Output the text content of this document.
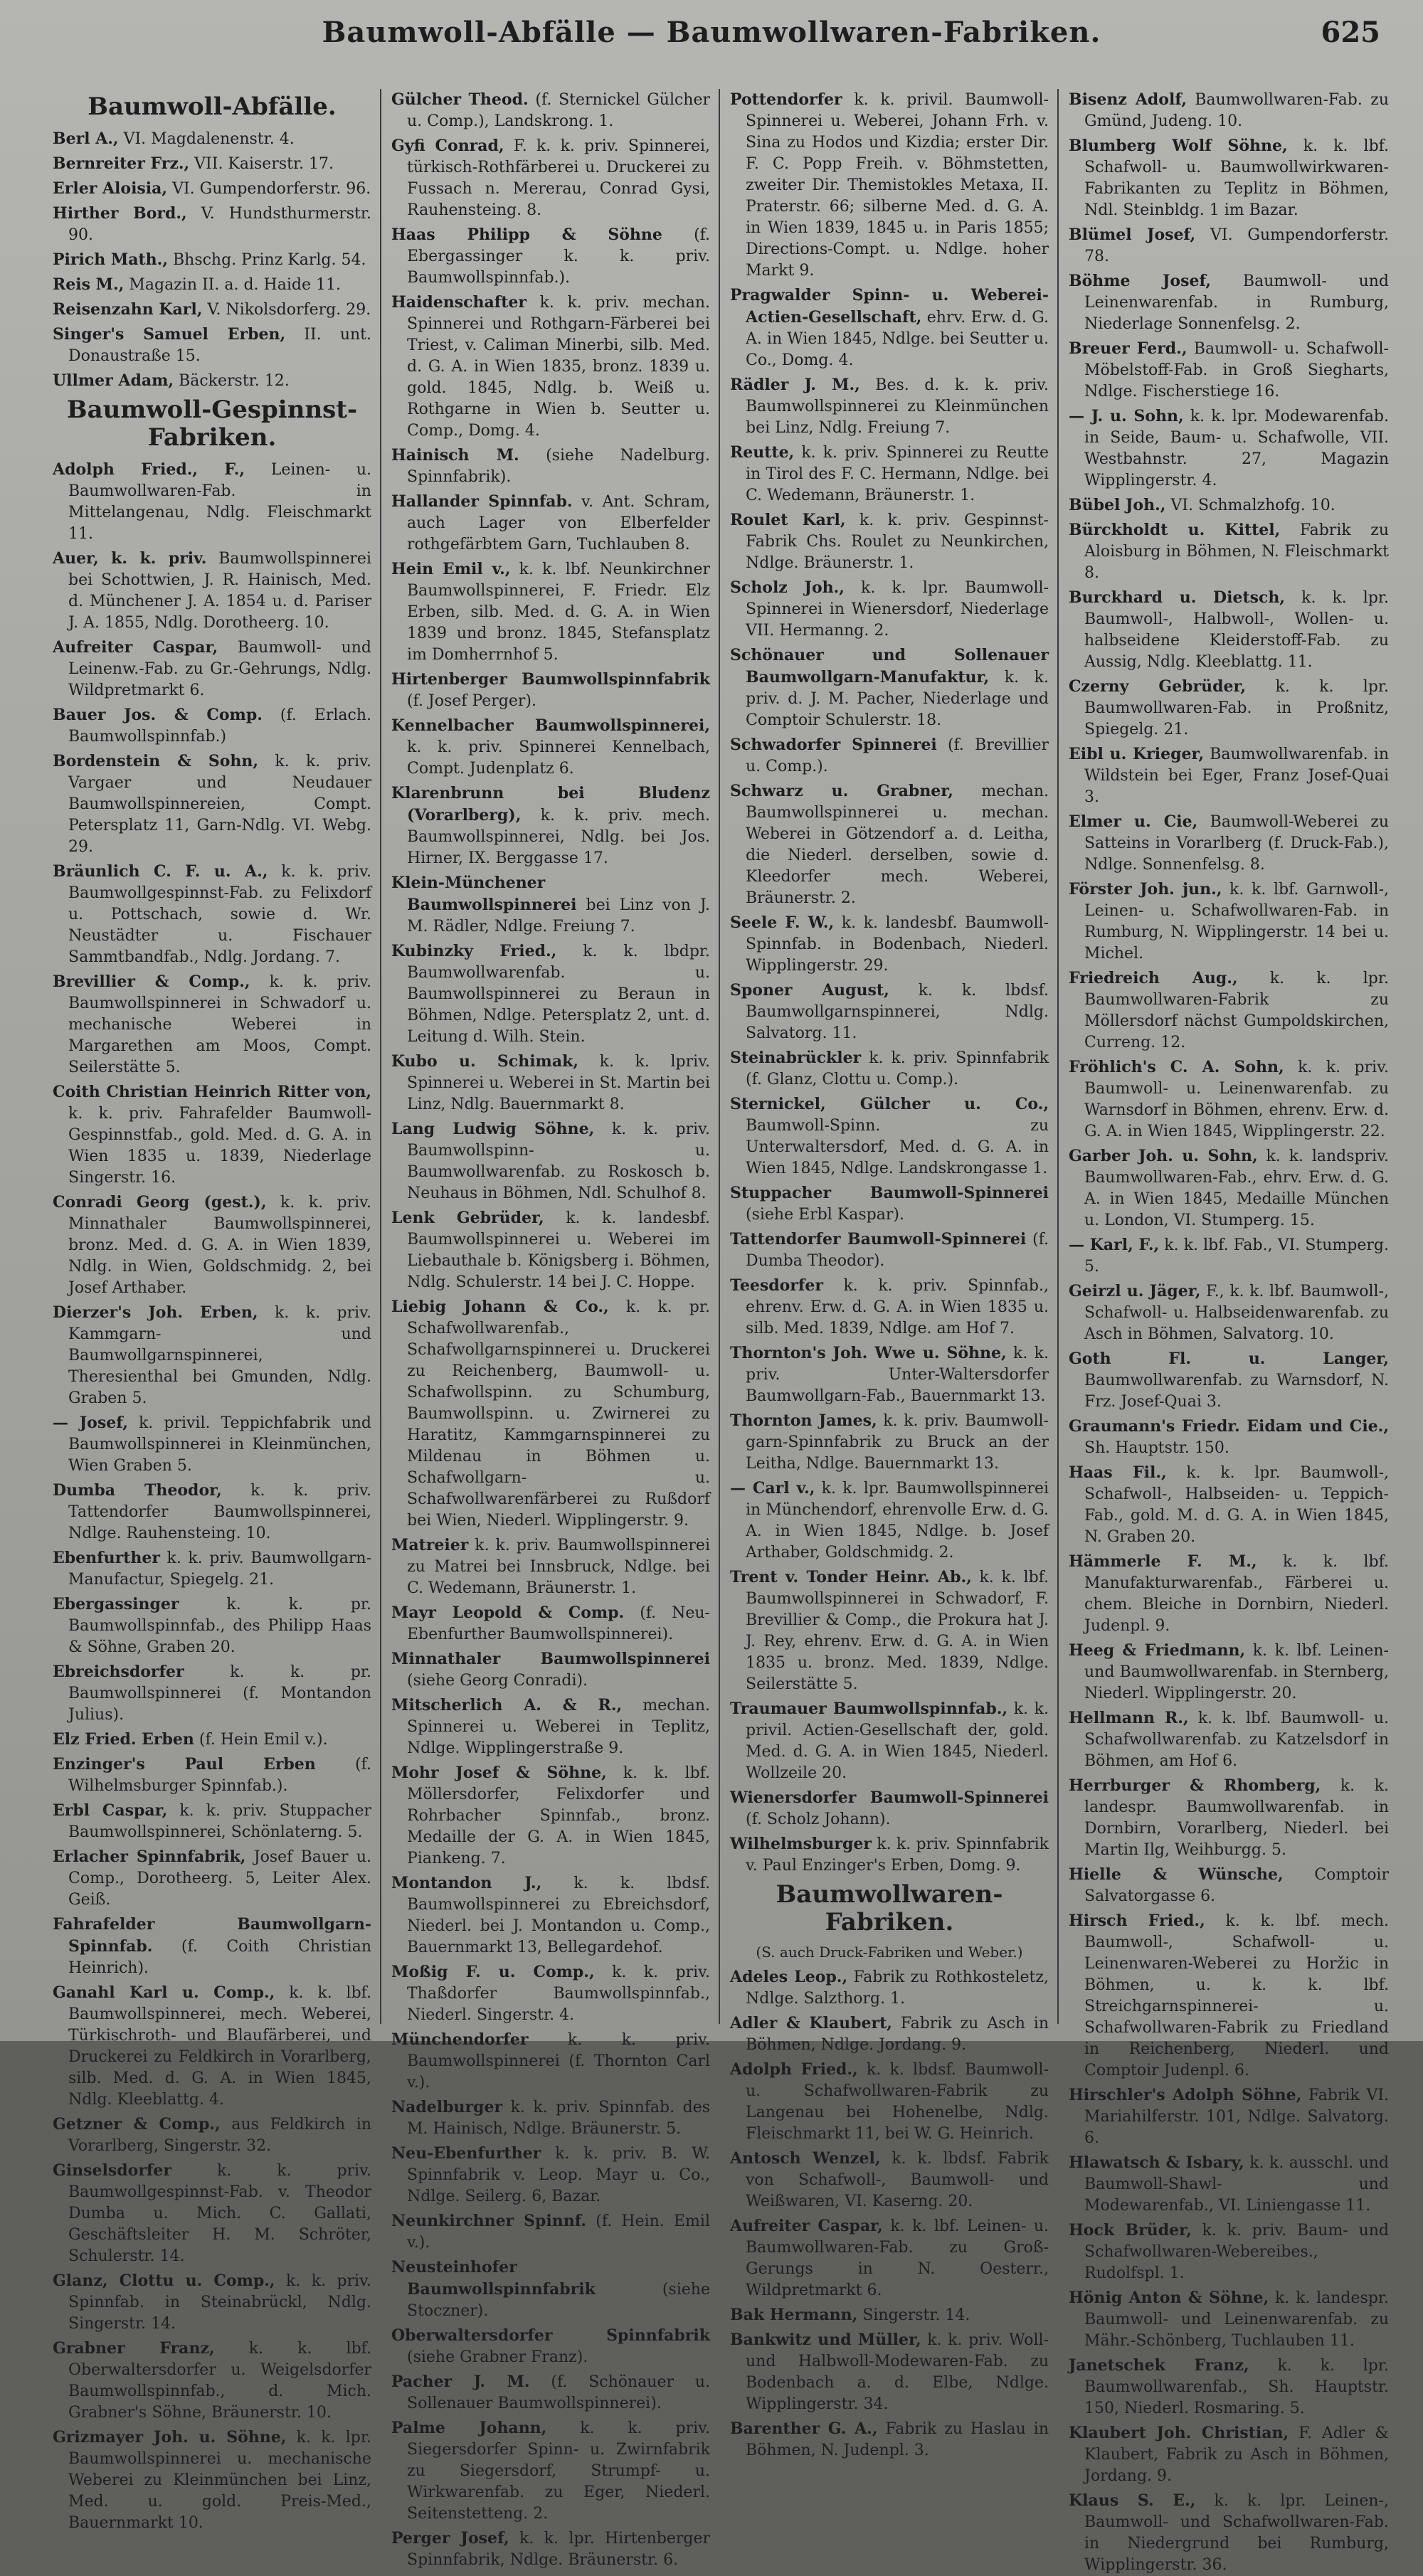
Baumwoll-Abfälle — Baumwollwaren-Fabriken.	625
Baumwoll-Abfälle.
Berl A., VI. Magdalenenstr. 4.
Bernreiter Frz., VII. Kaiserstr. 17.
Erler Aloisia, VI. Gumpendorferstr. 96.
Hirther Bord., V. Hundsthurmerstr. 90.
Pirich Math., Bhschg. Prinz Karlg. 54.
Reis M., Magazin II. a. d. Haide 11.
Reisenzahn Karl, V. Nikolsdorferg. 29.
Singer's Samuel Erben, II. unt. Donaustraße 15.
Ullmer Adam, Bäckerstr. 12.
Baumwoll-Gespinnst-Fabriken.
Adolph Fried., F., Leinen- u. Baumwollwaren-Fab. in Mittelangenau, Ndlg. Fleischmarkt 11.
Auer, k. k. priv. Baumwollspinnerei bei Schottwien, J. R. Hainisch, Med. d. Münchener J. A. 1854 u. d. Pariser J. A. 1855, Ndlg. Dorotheerg. 10.
Aufreiter Caspar, Baumwoll- und Leinenw.-Fab. zu Gr.-Gehrungs, Ndlg. Wildpretmarkt 6.
Bauer Jos. & Comp. (f. Erlach. Baumwollspinnfab.)
Bordenstein & Sohn, k. k. priv. Vargaer und Neudauer Baumwollspinnereien, Compt. Petersplatz 11, Garn-Ndlg. VI. Webg. 29.
Bräunlich C. F. u. A., k. k. priv. Baumwollgespinnst-Fab. zu Felixdorf u. Pottschach, sowie d. Wr. Neustädter u. Fischauer Sammtbandfab., Ndlg. Jordang. 7.
Brevillier & Comp., k. k. priv. Baumwollspinnerei in Schwadorf u. mechanische Weberei in Margarethen am Moos, Compt. Seilerstätte 5.
Coith Christian Heinrich Ritter von, k. k. priv. Fahrafelder Baumwoll-Gespinnstfab., gold. Med. d. G. A. in Wien 1835 u. 1839, Niederlage Singerstr. 16.
Conradi Georg (gest.), k. k. priv. Minnathaler Baumwollspinnerei, bronz. Med. d. G. A. in Wien 1839, Ndlg. in Wien, Goldschmidg. 2, bei Josef Arthaber.
Dierzer's Joh. Erben, k. k. priv. Kammgarn- und Baumwollgarnspinnerei, Theresienthal bei Gmunden, Ndlg. Graben 5.
— Josef, k. privil. Teppichfabrik und Baumwollspinnerei in Kleinmünchen, Wien Graben 5.
Dumba Theodor, k. k. priv. Tattendorfer Baumwollspinnerei, Ndlge. Rauhensteing. 10.
Ebenfurther k. k. priv. Baumwollgarn-Manufactur, Spiegelg. 21.
Ebergassinger	k. k. pr. Baumwollspinnfab., des Philipp Haas & Söhne, Graben 20.
Ebreichsdorfer	k. k. pr. Baumwollspinnerei (f. Montandon Julius).
Elz Fried. Erben (f. Hein Emil v.).
Enzinger's Paul Erben	(f. Wilhelmsburger Spinnfab.).
Erbl Caspar, k. k. priv. Stuppacher Baumwollspinnerei, Schönlaterng. 5.
Erlacher Spinnfabrik, Josef Bauer u. Comp., Dorotheerg. 5, Leiter Alex. Geiß.
Fahrafelder Baumwollgarn-Spinnfab. (f. Coith Christian Heinrich).
Ganahl Karl u. Comp., k. k. lbf. Baumwollspinnerei, mech. Weberei, Türkischroth- und Blaufärberei, und Druckerei zu Feldkirch in Vorarlberg, silb. Med. d. G. A. in Wien 1845, Ndlg. Kleeblattg. 4.
Getzner & Comp., aus Feldkirch in Vorarlberg, Singerstr. 32.
Ginselsdorfer	k. k. priv. Baumwollgespinnst-Fab. v. Theodor Dumba u. Mich. C. Gallati, Geschäftsleiter H. M. Schröter, Schulerstr. 14.
Glanz, Clottu u. Comp., k. k. priv. Spinnfab. in Steinabrückl, Ndlg. Singerstr. 14.
Grabner Franz, k. k. lbf. Oberwaltersdorfer u. Weigelsdorfer Baumwollspinnfab., d. Mich. Grabner's Söhne, Bräunerstr. 10.
Grizmayer Joh. u. Söhne, k. k. lpr. Baumwollspinnerei u. mechanische Weberei zu Kleinmünchen bei Linz, Med. u. gold. Preis-Med., Bauernmarkt 10.
Gülcher Theod. (f. Sternickel Gülcher u. Comp.), Landskrong. 1.
Gyfi Conrad, F. k. k. priv. Spinnerei, türkisch-Rothfärberei u. Druckerei zu Fussach n. Mererau, Conrad Gysi, Rauhensteing. 8.
Haas Philipp & Söhne (f. Ebergassinger k. k. priv. Baumwollspinnfab.).
Haidenschafter k. k. priv. mechan. Spinnerei und Rothgarn-Färberei bei Triest, v. Caliman Minerbi, silb. Med. d. G. A. in Wien 1835, bronz. 1839 u. gold. 1845, Ndlg. b. Weiß u. Rothgarne in Wien b. Seutter u. Comp., Domg. 4.
Hainisch M. (siehe Nadelburg. Spinnfabrik).
Hallander Spinnfab. v. Ant. Schram, auch Lager von Elberfelder rothgefärbtem Garn, Tuchlauben 8.
Hein Emil v., k. k. lbf. Neunkirchner Baumwollspinnerei, F. Friedr. Elz Erben, silb. Med. d. G. A. in Wien 1839 und bronz. 1845, Stefansplatz im Domherrnhof 5.
Hirtenberger Baumwollspinnfabrik (f. Josef Perger).
Kennelbacher Baumwollspinnerei, k. k. priv. Spinnerei Kennelbach, Compt. Judenplatz 6.
Klarenbrunn bei Bludenz (Vorarlberg), k. k. priv. mech. Baumwollspinnerei, Ndlg. bei Jos. Hirner, IX. Berggasse 17.
Klein-Münchener Baumwollspinnerei bei Linz von J. M. Rädler, Ndlge. Freiung 7.
Kubinzky Fried., k. k. lbdpr. Baumwollwarenfab. u. Baumwollspinnerei zu Beraun in Böhmen, Ndlge. Petersplatz 2, unt. d. Leitung d. Wilh. Stein.
Kubo u. Schimak, k. k. lpriv. Spinnerei u. Weberei in St. Martin bei Linz, Ndlg. Bauernmarkt 8.
Lang Ludwig Söhne, k. k. priv. Baumwollspinn- u. Baumwollwarenfab. zu Roskosch b. Neuhaus in Böhmen, Ndl. Schulhof 8.
Lenk Gebrüder, k. k. landesbf. Baumwollspinnerei u. Weberei im Liebauthale b. Königsberg i. Böhmen, Ndlg. Schulerstr. 14 bei J. C. Hoppe.
Liebig Johann & Co., k. k. pr. Schafwollwarenfab., Schafwollgarnspinnerei u. Druckerei zu Reichenberg, Baumwoll- u. Schafwollspinn. zu Schumburg, Baumwollspinn. u. Zwirnerei zu Haratitz, Kammgarnspinnerei zu Mildenau in Böhmen u. Schafwollgarn- u. Schafwollwarenfärberei zu Rußdorf bei Wien, Niederl. Wipplingerstr. 9.
Matreier k. k. priv. Baumwollspinnerei zu Matrei bei Innsbruck, Ndlge. bei C. Wedemann, Bräunerstr. 1.
Mayr Leopold & Comp. (f. Neu-Ebenfurther Baumwollspinnerei).
Minnathaler Baumwollspinnerei (siehe Georg Conradi).
Mitscherlich A. & R., mechan. Spinnerei u. Weberei in Teplitz, Ndlge. Wipplingerstraße 9.
Mohr Josef & Söhne, k. k. lbf. Möllersdorfer, Felixdorfer und Rohrbacher Spinnfab., bronz. Medaille der G. A. in Wien 1845, Piankeng. 7.
Montandon J., k. k. lbdsf. Baumwollspinnerei zu Ebreichsdorf, Niederl. bei J. Montandon u. Comp., Bauernmarkt 13, Bellegardehof.
Moßig F. u. Comp., k. k. priv. Thaßdorfer Baumwollspinnfab., Niederl. Singerstr. 4.
Münchendorfer	k. k. priv. Baumwollspinnerei (f. Thornton Carl v.).
Nadelburger k. k. priv. Spinnfab. des M. Hainisch, Ndlge. Bräunerstr. 5.
Neu-Ebenfurther k. k. priv. B. W. Spinnfabrik v. Leop. Mayr u. Co., Ndlge. Seilerg. 6, Bazar.
Neunkirchner Spinnf. (f. Hein. Emil v.).
Neusteinhofer Baumwollspinnfabrik	(siehe Stoczner).
Oberwaltersdorfer Spinnfabrik (siehe Grabner Franz).
Pacher J. M. (f. Schönauer u. Sollenauer Baumwollspinnerei).
Palme Johann, k. k. priv. Siegersdorfer Spinn- u. Zwirnfabrik zu Siegersdorf, Strumpf- u. Wirkwarenfab. zu Eger, Niederl. Seitenstetteng. 2.
Perger Josef, k. k. lpr. Hirtenberger Spinnfabrik, Ndlge. Bräunerstr. 6.
Pottendorfer k. k. privil. Baumwoll-Spinnerei u. Weberei, Johann Frh. v. Sina zu Hodos und Kizdia; erster Dir. F. C. Popp Freih. v. Böhmstetten, zweiter Dir. Themistokles Metaxa, II. Praterstr. 66; silberne Med. d. G. A. in Wien 1839, 1845 u. in Paris 1855; Directions-Compt. u. Ndlge. hoher Markt 9.
Pragwalder Spinn- u. Weberei-Actien-Gesellschaft, ehrv. Erw. d. G. A. in Wien 1845, Ndlge. bei Seutter u. Co., Domg. 4.
Rädler J. M., Bes. d. k. k. priv. Baumwollspinnerei zu Kleinmünchen bei Linz, Ndlg. Freiung 7.
Reutte, k. k. priv. Spinnerei zu Reutte in Tirol des F. C. Hermann, Ndlge. bei C. Wedemann, Bräunerstr. 1.
Roulet Karl, k. k. priv. Gespinnst-Fabrik Chs. Roulet zu Neunkirchen, Ndlge. Bräunerstr. 1.
Scholz Joh., k. k. lpr. Baumwoll-Spinnerei in Wienersdorf, Niederlage VII. Hermanng. 2.
Schönauer und Sollenauer Baumwollgarn-Manufaktur, k. k. priv. d. J. M. Pacher, Niederlage und Comptoir Schulerstr. 18.
Schwadorfer Spinnerei (f. Brevillier u. Comp.).
Schwarz u. Grabner, mechan. Baumwollspinnerei u. mechan. Weberei in Götzendorf a. d. Leitha, die Niederl. derselben, sowie d. Kleedorfer mech. Weberei, Bräunerstr. 2.
Seele F. W., k. k. landesbf. Baumwoll-Spinnfab. in Bodenbach, Niederl. Wipplingerstr. 29.
Sponer August, k. k. lbdsf. Baumwollgarnspinnerei, Ndlg. Salvatorg. 11.
Steinabrückler k. k. priv. Spinnfabrik (f. Glanz, Clottu u. Comp.).
Sternickel, Gülcher u. Co., Baumwoll-Spinn. zu Unterwaltersdorf, Med. d. G. A. in Wien 1845, Ndlge. Landskrongasse 1.
Stuppacher Baumwoll-Spinnerei (siehe Erbl Kaspar).
Tattendorfer Baumwoll-Spinnerei (f. Dumba Theodor).
Teesdorfer k. k. priv. Spinnfab., ehrenv. Erw. d. G. A. in Wien 1835 u. silb. Med. 1839, Ndlge. am Hof 7.
Thornton's Joh. Wwe u. Söhne, k. k. priv. Unter-Waltersdorfer Baumwollgarn-Fab., Bauernmarkt 13.
Thornton James, k. k. priv. Baumwoll-garn-Spinnfabrik zu Bruck an der Leitha, Ndlge. Bauernmarkt 13.
— Carl v., k. k. lpr. Baumwollspinnerei in Münchendorf, ehrenvolle Erw. d. G. A. in Wien 1845, Ndlge. b. Josef Arthaber, Goldschmidg. 2.
Trent v. Tonder Heinr. Ab., k. k. lbf. Baumwollspinnerei in Schwadorf, F. Brevillier & Comp., die Prokura hat J. J. Rey, ehrenv. Erw. d. G. A. in Wien 1835 u. bronz. Med. 1839, Ndlge. Seilerstätte 5.
Traumauer Baumwollspinnfab., k. k. privil. Actien-Gesellschaft der, gold. Med. d. G. A. in Wien 1845, Niederl. Wollzeile 20.
Wienersdorfer Baumwoll-Spinnerei (f. Scholz Johann).
Wilhelmsburger k. k. priv. Spinnfabrik v. Paul Enzinger's Erben, Domg. 9.
Baumwollwaren-Fabriken.
(S. auch Druck-Fabriken und Weber.)
Adeles Leop., Fabrik zu Rothkosteletz, Ndlge. Salzthorg. 1.
Adler & Klaubert, Fabrik zu Asch in Böhmen, Ndlge. Jordang. 9.
Adolph Fried., k. k. lbdsf. Baumwoll- u. Schafwollwaren-Fabrik zu Langenau bei Hohenelbe, Ndlg. Fleischmarkt 11, bei W. G. Heinrich.
Antosch Wenzel, k. k. lbdsf. Fabrik von Schafwoll-, Baumwoll- und Weißwaren, VI. Kaserng. 20.
Aufreiter Caspar, k. k. lbf. Leinen- u. Baumwollwaren-Fab. zu Groß-Gerungs in N. Oesterr., Wildpretmarkt 6.
Bak Hermann, Singerstr. 14.
Bankwitz und Müller, k. k. priv. Woll- und Halbwoll-Modewaren-Fab. zu Bodenbach a. d. Elbe, Ndlge. Wipplingerstr. 34.
Barenther G. A., Fabrik zu Haslau in Böhmen, N. Judenpl. 3.
Bisenz Adolf, Baumwollwaren-Fab. zu Gmünd, Judeng. 10.
Blumberg Wolf Söhne, k. k. lbf. Schafwoll- u. Baumwollwirkwaren-Fabrikanten zu Teplitz in Böhmen, Ndl. Steinbldg. 1 im Bazar.
Blümel Josef, VI. Gumpendorferstr. 78.
Böhme Josef, Baumwoll- und Leinenwarenfab. in Rumburg, Niederlage Sonnenfelsg. 2.
Breuer Ferd., Baumwoll- u. Schafwoll-Möbelstoff-Fab. in Groß Siegharts, Ndlge. Fischerstiege 16.
— J. u. Sohn, k. k. lpr. Modewarenfab. in Seide, Baum- u. Schafwolle, VII. Westbahnstr. 27, Magazin Wipplingerstr. 4.
Bübel Joh., VI. Schmalzhofg. 10.
Bürckholdt u. Kittel, Fabrik zu Aloisburg in Böhmen, N. Fleischmarkt 8.
Burckhard u. Dietsch, k. k. lpr. Baumwoll-, Halbwoll-, Wollen- u. halbseidene Kleiderstoff-Fab. zu Aussig, Ndlg. Kleeblattg. 11.
Czerny Gebrüder, k. k. lpr. Baumwollwaren-Fab. in Proßnitz, Spiegelg. 21.
Eibl u. Krieger, Baumwollwarenfab. in Wildstein bei Eger, Franz Josef-Quai 3.
Elmer u. Cie, Baumwoll-Weberei zu Satteins in Vorarlberg (f. Druck-Fab.), Ndlge. Sonnenfelsg. 8.
Förster Joh. jun., k. k. lbf. Garnwoll-, Leinen- u. Schafwollwaren-Fab. in Rumburg, N. Wipplingerstr. 14 bei u. Michel.
Friedreich Aug., k. k. lpr. Baumwollwaren-Fabrik zu Möllersdorf nächst Gumpoldskirchen, Curreng. 12.
Fröhlich's C. A. Sohn, k. k. priv. Baumwoll- u. Leinenwarenfab. zu Warnsdorf in Böhmen, ehrenv. Erw. d. G. A. in Wien 1845, Wipplingerstr. 22.
Garber Joh. u. Sohn, k. k. landspriv. Baumwollwaren-Fab., ehrv. Erw. d. G. A. in Wien 1845, Medaille München u. London, VI. Stumperg. 15.
— Karl, F., k. k. lbf. Fab., VI. Stumperg. 5.
Geirzl u. Jäger, F., k. k. lbf. Baumwoll-, Schafwoll- u. Halbseidenwarenfab. zu Asch in Böhmen, Salvatorg. 10.
Goth Fl. u. Langer, Baumwollwarenfab. zu Warnsdorf, N. Frz. Josef-Quai 3.
Graumann's Friedr. Eidam und Cie., Sh. Hauptstr. 150.
Haas Fil., k. k. lpr. Baumwoll-, Schafwoll-, Halbseiden- u. Teppich-Fab., gold. M. d. G. A. in Wien 1845, N. Graben 20.
Hämmerle F. M., k. k. lbf. Manufakturwarenfab., Färberei u. chem. Bleiche in Dornbirn, Niederl. Judenpl. 9.
Heeg & Friedmann, k. k. lbf. Leinen- und Baumwollwarenfab. in Sternberg, Niederl. Wipplingerstr. 20.
Hellmann R., k. k. lbf. Baumwoll- u. Schafwollwarenfab. zu Katzelsdorf in Böhmen, am Hof 6.
Herrburger & Rhomberg, k. k. landespr. Baumwollwarenfab. in Dornbirn, Vorarlberg, Niederl. bei Martin Ilg, Weihburgg. 5.
Hielle & Wünsche, Comptoir Salvatorgasse 6.
Hirsch Fried., k. k. lbf. mech. Baumwoll-, Schafwoll- u. Leinenwaren-Weberei zu Horžic in Böhmen, u. k. k. lbf. Streichgarnspinnerei- u. Schafwollwaren-Fabrik zu Friedland in Reichenberg, Niederl. und Comptoir Judenpl. 6.
Hirschler's Adolph Söhne, Fabrik VI. Mariahilferstr. 101, Ndlge. Salvatorg. 6.
Hlawatsch & Isbary, k. k. ausschl. und Baumwoll-Shawl- und Modewarenfab., VI. Liniengasse 11.
Hock Brüder, k. k. priv. Baum- und Schafwollwaren-Webereibes., Rudolfspl. 1.
Hönig Anton & Söhne, k. k. landespr. Baumwoll- und Leinenwarenfab. zu Mähr.-Schönberg, Tuchlauben 11.
Janetschek Franz, k. k. lpr. Baumwollwarenfab., Sh. Hauptstr. 150, Niederl. Rosmaring. 5.
Klaubert Joh. Christian, F. Adler & Klaubert, Fabrik zu Asch in Böhmen, Jordang. 9.
Klaus S. E., k. k. lpr. Leinen-, Baumwoll- und Schafwollwaren-Fab. in Niedergrund bei Rumburg, Wipplingerstr. 36.
